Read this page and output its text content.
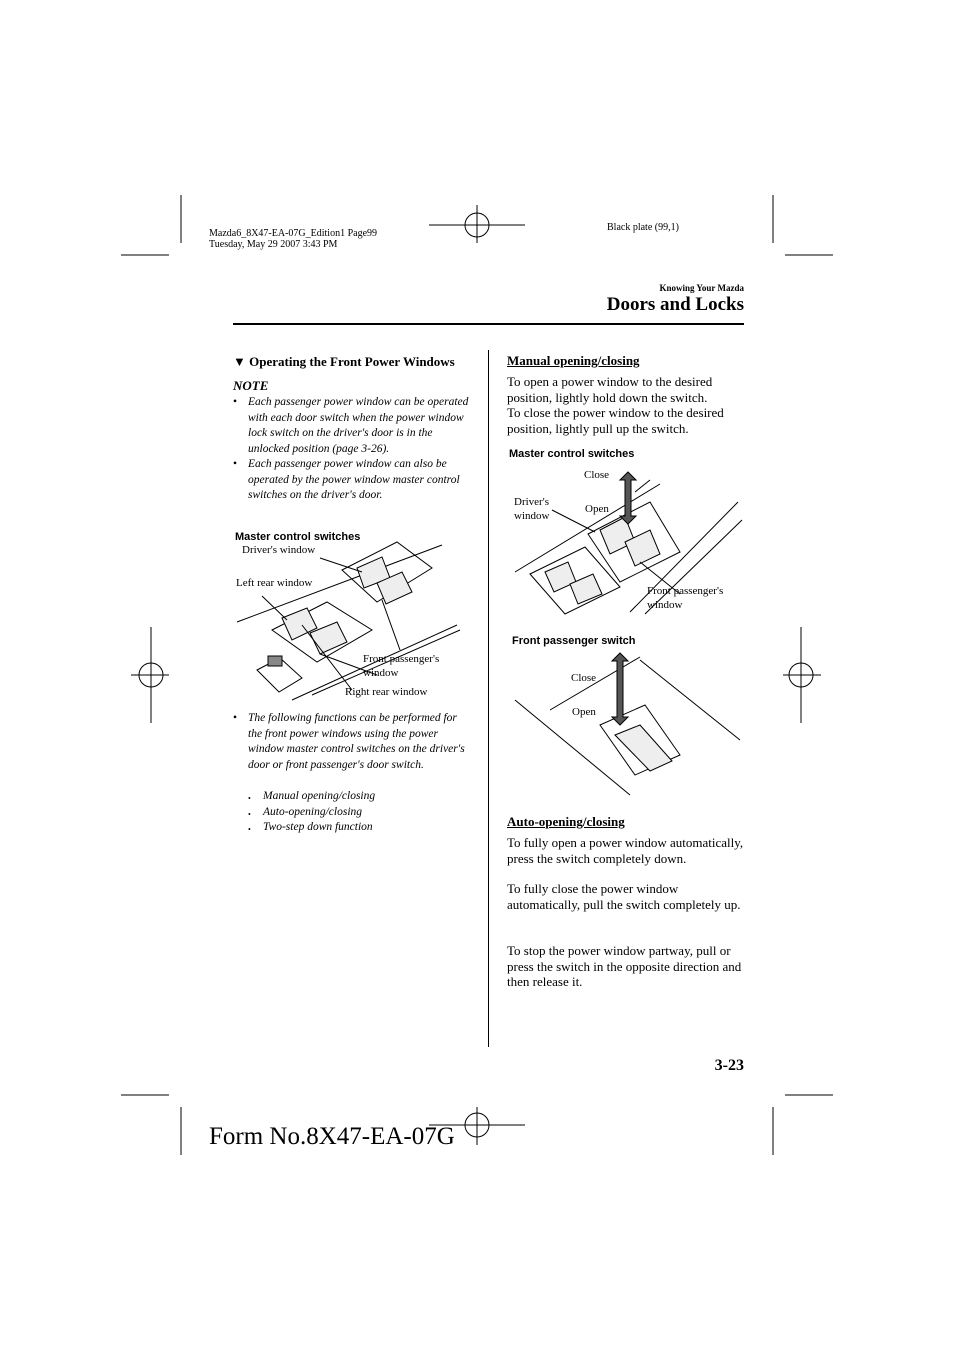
Mazda6_8X47-EA-07G_Edition1 Page99
Tuesday, May 29 2007 3:43 PM
Black plate (99,1)
Knowing Your Mazda
Doors and Locks
▼ Operating the Front Power Windows
NOTE
• Each passenger power window can be operated with each door switch when the power window lock switch on the driver's door is in the unlocked position (page 3-26).
• Each passenger power window can also be operated by the power window master control switches on the driver's door.
Master control switches
Driver's window
Left rear window
Front passenger's
window
Right rear window
• The following functions can be performed for the front power windows using the power window master control switches on the driver's door or front passenger's door switch.
• Manual opening/closing
• Auto-opening/closing
• Two-step down function
Manual opening/closing
To open a power window to the desired position, lightly hold down the switch.
To close the power window to the desired position, lightly pull up the switch.
Master control switches
Close
Open
Driver's
window
Front passenger's
window
Front passenger switch
Close
Open
Auto-opening/closing
To fully open a power window automatically, press the switch completely down.
To fully close the power window automatically, pull the switch completely up.
To stop the power window partway, pull or press the switch in the opposite direction and then release it.
3-23
Form No.8X47-EA-07G
